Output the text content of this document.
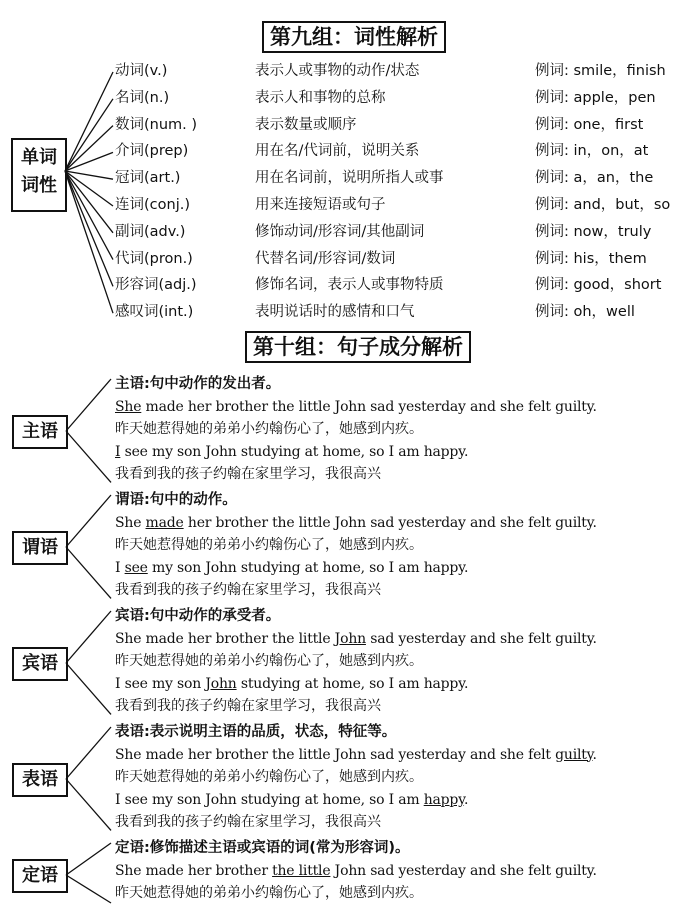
第九组：词性解析
动词(v.)	表示人或事物的动作/状态	例词: smile，finish
名词(n.)	表示人和事物的总称	例词: apple，pen
数词(num. )	表示数量或顺序	例词: one，first
介词(prep)	用在名/代词前，说明关系	例词: in，on，at
冠词(art.)	用在名词前，说明所指人或事	例词: a，an，the
连词(conj.)	用来连接短语或句子	例词: and，but，so
副词(adv.)	修饰动词/形容词/其他副词	例词: now，truly
代词(pron.)	代替名词/形容词/数词	例词: his，them
形容词(adj.)	修饰名词，表示人或事物特质	例词: good，short
感叹词(int.)	表明说话时的感情和口气	例词: oh，well
单词
词性
第十组：句子成分解析
主语:句中动作的发出者。
She made her brother the little John sad yesterday and she felt guilty.
昨天她惹得她的弟弟小约翰伤心了，她感到内疚。
I see my son John studying at home, so I am happy.
我看到我的孩子约翰在家里学习，我很高兴
主语
谓语:句中的动作。
She made her brother the little John sad yesterday and she felt guilty.
昨天她惹得她的弟弟小约翰伤心了，她感到内疚。
I see my son John studying at home, so I am happy.
我看到我的孩子约翰在家里学习，我很高兴
谓语
宾语:句中动作的承受者。
She made her brother the little John sad yesterday and she felt guilty.
昨天她惹得她的弟弟小约翰伤心了，她感到内疚。
I see my son John studying at home, so I am happy.
我看到我的孩子约翰在家里学习，我很高兴
宾语
表语:表示说明主语的品质，状态，特征等。
She made her brother the little John sad yesterday and she felt guilty.
昨天她惹得她的弟弟小约翰伤心了，她感到内疚。
I see my son John studying at home, so I am happy.
我看到我的孩子约翰在家里学习，我很高兴
表语
定语:修饰描述主语或宾语的词(常为形容词)。
She made her brother the little John sad yesterday and she felt guilty.
昨天她惹得她的弟弟小约翰伤心了，她感到内疚。
定语
